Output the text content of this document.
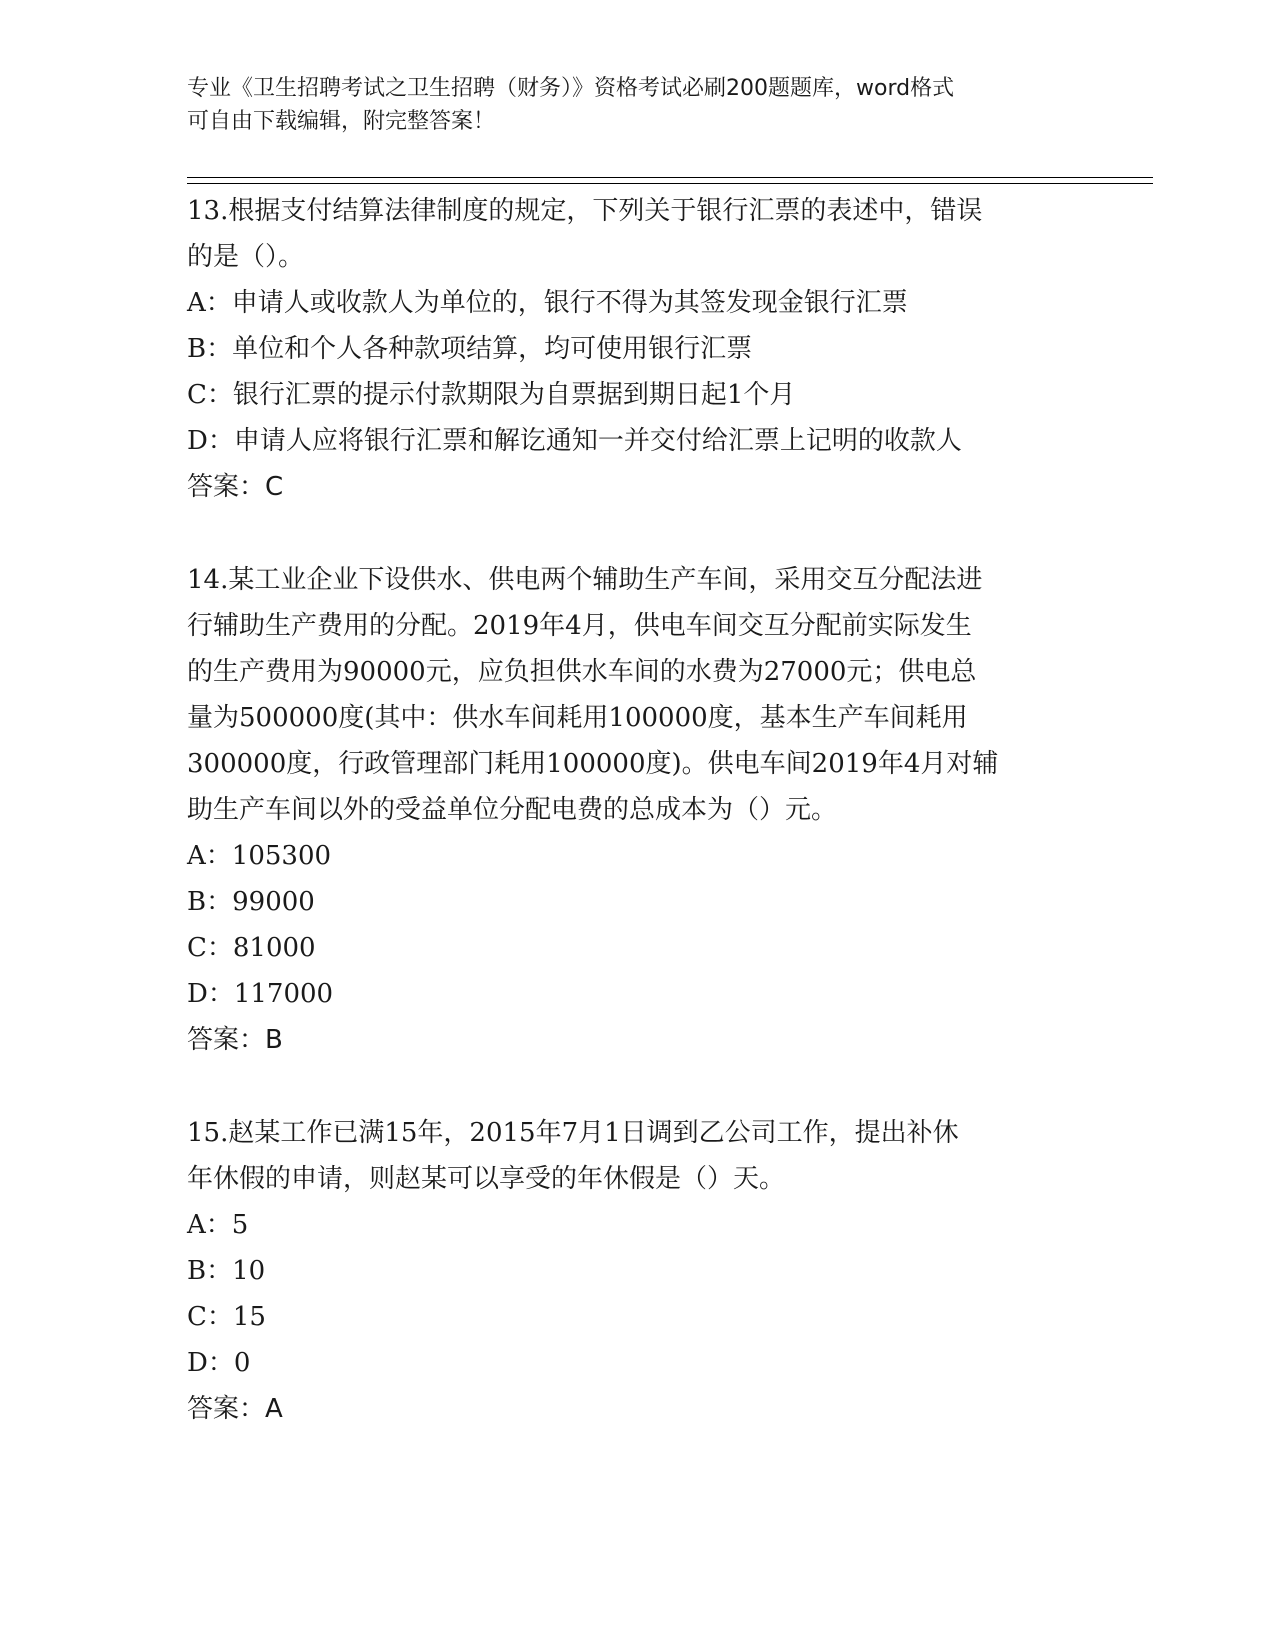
专业《卫生招聘考试之卫生招聘（财务）》资格考试必刷200题题库，word格式
可自由下载编辑，附完整答案！
13.根据支付结算法律制度的规定，下列关于银行汇票的表述中，错误
的是（）。
A：申请人或收款人为单位的，银行不得为其签发现金银行汇票
B：单位和个人各种款项结算，均可使用银行汇票
C：银行汇票的提示付款期限为自票据到期日起1个月
D：申请人应将银行汇票和解讫通知一并交付给汇票上记明的收款人
答案：C
14.某工业企业下设供水、供电两个辅助生产车间，采用交互分配法进
行辅助生产费用的分配。2019年4月，供电车间交互分配前实际发生
的生产费用为90000元，应负担供水车间的水费为27000元；供电总
量为500000度(其中：供水车间耗用100000度，基本生产车间耗用
300000度，行政管理部门耗用100000度)。供电车间2019年4月对辅
助生产车间以外的受益单位分配电费的总成本为（）元。
A：105300
B：99000
C：81000
D：117000
答案：B
15.赵某工作已满15年，2015年7月1日调到乙公司工作，提出补休
年休假的申请，则赵某可以享受的年休假是（）天。
A：5
B：10
C：15
D：0
答案：A
